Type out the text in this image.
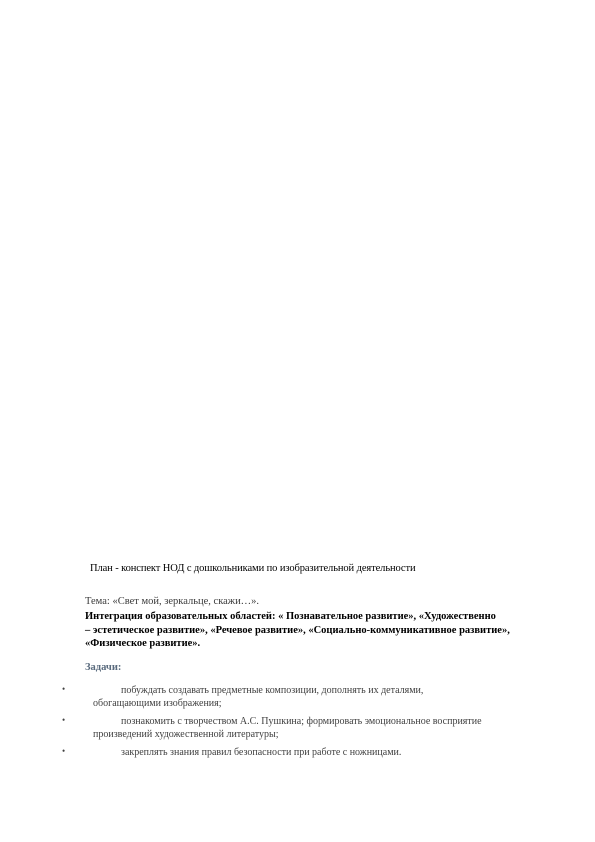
План - конспект НОД с дошкольниками по изобразительной деятельности
Тема: «Свет мой, зеркальце, скажи…».
Интеграция образовательных областей: « Познавательное развитие», «Художественно
– эстетическое развитие», «Речевое развитие», «Социально-коммуникативное развитие»,
«Физическое развитие».
Задачи:
•	побуждать создавать предметные композиции, дополнять их деталями,
обогащающими изображения;
•	познакомить с творчеством А.С. Пушкина; формировать эмоциональное восприятие
произведений художественной литературы;
•	закреплять знания правил безопасности при работе с ножницами.
